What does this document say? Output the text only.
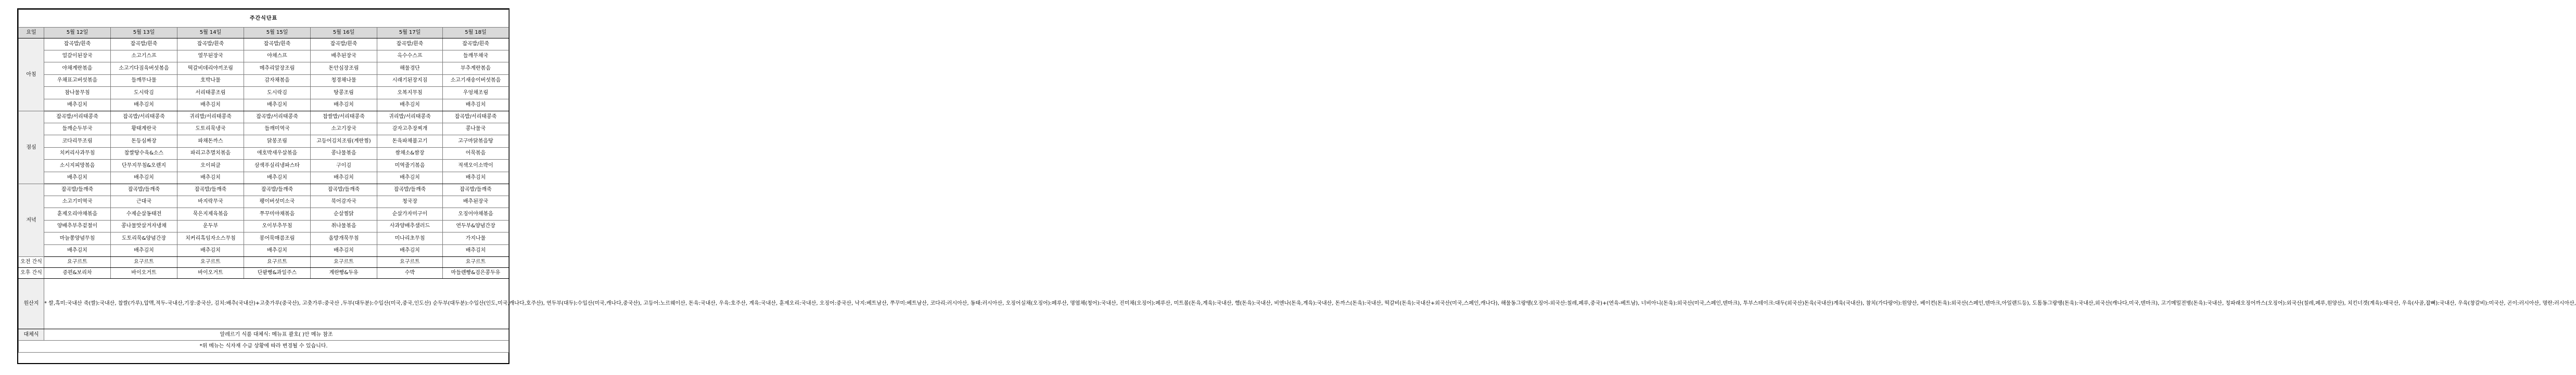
주간식단표							
요일	5월 12일	5월 13일	5월 14일	5월 15일	5월 16일	5월 17일	5월 18일
아침	잡곡밥/흰죽	잡곡밥/흰죽	잡곡밥/흰죽	잡곡밥/흰죽	잡곡밥/흰죽	잡곡밥/흰죽	잡곡밥/흰죽
	얼갈이된장국	소고기스프	열무된장국	야채스프	배추된장국	옥수수스프	들깨무채국
	야채계란볶음	소고기다짐육버섯볶음	떡갈비데리야끼조림	메추리알장조림	돈안심장조림	해물경단	부추계란볶음
	우채표고버섯볶음	들깨무나물	호박나물	감자채볶음	청경채나물	시래기된장지짐	소고기새송이버섯볶음
	참나물무침	도시락김	서리태콩조림	도시락김	땅콩조림	오복지무침	우엉채조림
	배추김치	배추김치	배추김치	배추김치	배추김치	배추김치	배추김치
점심	잡곡밥/서리태콩죽	잡곡밥/서리태콩죽	귀리밥/서리태콩죽	잡곡밥/서리태콩죽	찹쌀밥/서리태콩죽	귀리밥/서리태콩죽	잡곡밥/서리태콩죽
	들깨순두부국	황태계란국	도토리묵냉국	들깨미역국	소고기장국	감자고추장찌개	콩나물국
	코다리무조림	돈등심짜장	파채돈까스	닭봉조림	고등어김치조림(계란찜)	돈육파채불고기	고구마닭볶음탕
	치커리사과무침	찹쌀탕수육&소스	파리고추멸치볶음	애호박새우살볶음	콩나물볶음	쌈채소&쌈장	어묵볶음
	소시지피망볶음	단무지무침&오렌지	오이피클	삼색푸실리냉파스타	구이김	미역줄기볶음	적색오이소박이
	배추김치	배추김치	배추김치	배추김치	배추김치	배추김치	배추김치
저녁	잡곡밥/들깨죽	잡곡밥/들깨죽	잡곡밥/들깨죽	잡곡밥/들깨죽	잡곡밥/들깨죽	잡곡밥/들깨죽	잡곡밥/들깨죽
	소고기미역국	근대국	바지락무국	팽이버섯미소국	북어감자국	청국장	배추된장국
	훈제오리야채볶음	수제순살동태전	묵은지제육볶음	쭈꾸미야채볶음	순살찜닭	순살가자미구이	오징어야채볶음
	양배추부추겉절이	콩나물맛살겨자냉채	운두부	오이부추무침	취나물볶음	사과양배추샐러드	연두부&양념간장
	마늘쫑양념무침	도토리묵&양념간장	치커리흑임자소스무침	봉어묵매콤조림	올방개묵무침	미나리초무침	가지나물
	배추김치	배추김치	배추김치	배추김치	배추김치	배추김치	배추김치
오전 간식	요구르트	요구르트	요구르트	요구르트	요구르트	요구르트	요구르트
오후 간식	증편&보리차	바이오거트	바이오거트	단팥빵&과일주스	계란빵&두유	수박	마들렌빵&검은콩두유
원산지	* 쌀,흑미:국내산 죽(쌀):국내산, 찹쌀(가루),압맥,적두-국내산,기장:중국산, 김치:배추(국내산)+고춧가루(중국산), 고춧가루:중국산 ,두부(대두분):수입산(미국,중국,인도산) 순두부(대두분):수입산(인도,미국,캐나다,호주산), 연두부(대두):수입산(미국,캐나다,중국산), 고등어:노르웨이산, 돈육:국내산, 우육:호주산, 계육:국내산, 훈제오리:국내산, 오징어:중국산, 낙지:베트남산, 쭈꾸미:베트남산, 코다리:러시아산, 동태:러시아산, 오징어실채(오징어):페루산, 명엽채(청어):국내산, 진미채(오징어):페루산, 미트볼(돈육,계육):국내산, 햄(돈육):국내산, 비엔나(돈육,계육):국내산, 돈까스(돈육):국내산, 떡갈비(돈육):국내산+외국산(미국,스페인,캐나다), 해물동그랑땡(오징어-외국산:칠레,페루,중국)+(연육-베트남), 너비아니(돈육):외국산(미국,스페인,덴마크), 투부스테이크:대두(외국산)돈육(국내산)계육(국내산), 참치(가다랑어):원양산, 베이컨(돈육):외국산(스페인,덴마크,아일랜드등), 도톰동그랑땡(돈육):국내산,외국산(캐나다,미국,덴마크), 고기메밀전병(돈육):국내산, 칭파래오징어까스(오징어):외국산(칠레,페루,원양산), 치킨너겟(계육):태국산, 우육(사골,잡뼈):국내산, 우육(창갈비):미국산, 곤이:러시아산, 명란:러시아산,						
대체식	알레르기 식품 대체식: 메뉴표 괄호( )안 메뉴 참조						
*위 메뉴는 식자재 수급 상황에 따라 변경될 수 있습니다.							
